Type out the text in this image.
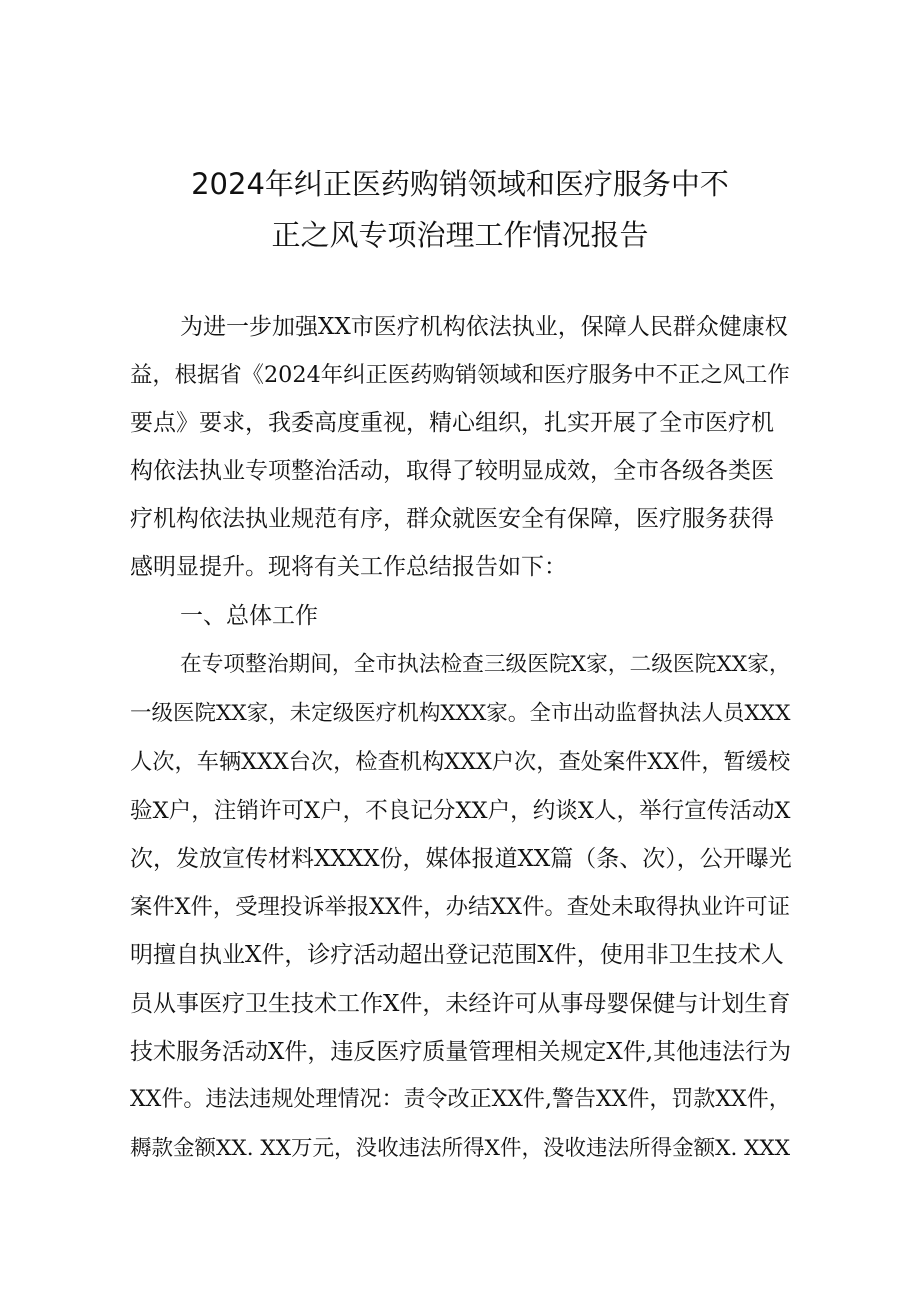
2024年纠正医药购销领域和医疗服务中不
正之风专项治理工作情况报告
为进一步加强XX市医疗机构依法执业，保障人民群众健康权
益，根据省《2024年纠正医药购销领域和医疗服务中不正之风工作
要点》要求，我委高度重视，精心组织，扎实开展了全市医疗机
构依法执业专项整治活动，取得了较明显成效，全市各级各类医
疗机构依法执业规范有序，群众就医安全有保障，医疗服务获得
感明显提升。现将有关工作总结报告如下：
一、总体工作
在专项整治期间，全市执法检查三级医院X家，二级医院XX家，
一级医院XX家，未定级医疗机构XXX家。全市出动监督执法人员XXX
人次，车辆XXX台次，检查机构XXX户次，查处案件XX件，暂缓校
验X户，注销许可X户，不良记分XX户，约谈X人，举行宣传活动X
次，发放宣传材料XXXX份，媒体报道XX篇（条、次），公开曝光
案件X件，受理投诉举报XX件，办结XX件。查处未取得执业许可证
明擅自执业X件，诊疗活动超出登记范围X件，使用非卫生技术人
员从事医疗卫生技术工作X件，未经许可从事母婴保健与计划生育
技术服务活动X件，违反医疗质量管理相关规定X件,其他违法行为
XX件。违法违规处理情况：责令改正XX件,警告XX件，罚款XX件，
耨款金额XX. XX万元，没收违法所得X件，没收违法所得金额X. XXX
